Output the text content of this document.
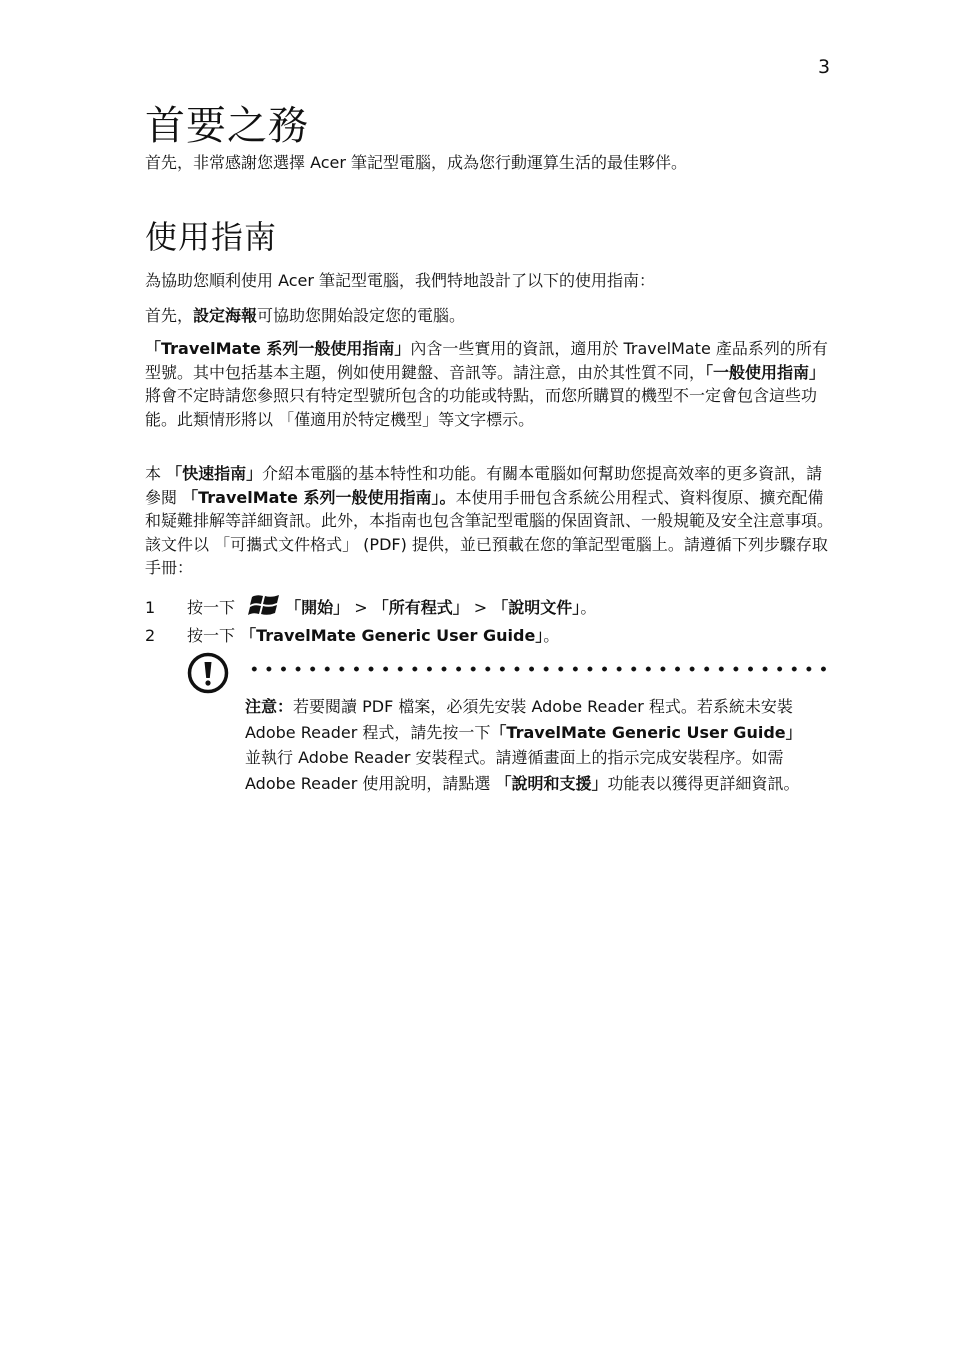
3
首要之務

首先，非常感謝您選擇 Acer 筆記型電腦，成為您行動運算生活的最佳夥伴。

使用指南

為協助您順利使用 Acer 筆記型電腦，我們特地設計了以下的使用指南：

首先，設定海報可協助您開始設定您的電腦。

「TravelMate 系列一般使用指南」內含一些實用的資訊，適用於 TravelMate 產品系列的所有型號。其中包括基本主題，例如使用鍵盤、音訊等。請注意，由於其性質不同，「一般使用指南」將會不定時請您參照只有特定型號所包含的功能或特點，而您所購買的機型不一定會包含這些功能。此類情形將以 「僅適用於特定機型」等文字標示。

本 「快速指南」介紹本電腦的基本特性和功能。有關本電腦如何幫助您提高效率的更多資訊，請參閱 「TravelMate 系列一般使用指南」。本使用手冊包含系統公用程式、資料復原、擴充配備和疑難排解等詳細資訊。此外，本指南也包含筆記型電腦的保固資訊、一般規範及安全注意事項。該文件以 「可攜式文件格式」 (PDF) 提供，並已預載在您的筆記型電腦上。請遵循下列步驟存取手冊：

1 按一下	「開始」 > 「所有程式」 > 「說明文件」。
2 按一下 「TravelMate Generic User Guide」。

注意：若要閱讀 PDF 檔案，必須先安裝 Adobe Reader 程式。若系統未安裝 Adobe Reader 程式，請先按一下「TravelMate Generic User Guide」並執行 Adobe Reader 安裝程式。請遵循畫面上的指示完成安裝程序。如需 Adobe Reader 使用說明，請點選 「說明和支援」功能表以獲得更詳細資訊。
